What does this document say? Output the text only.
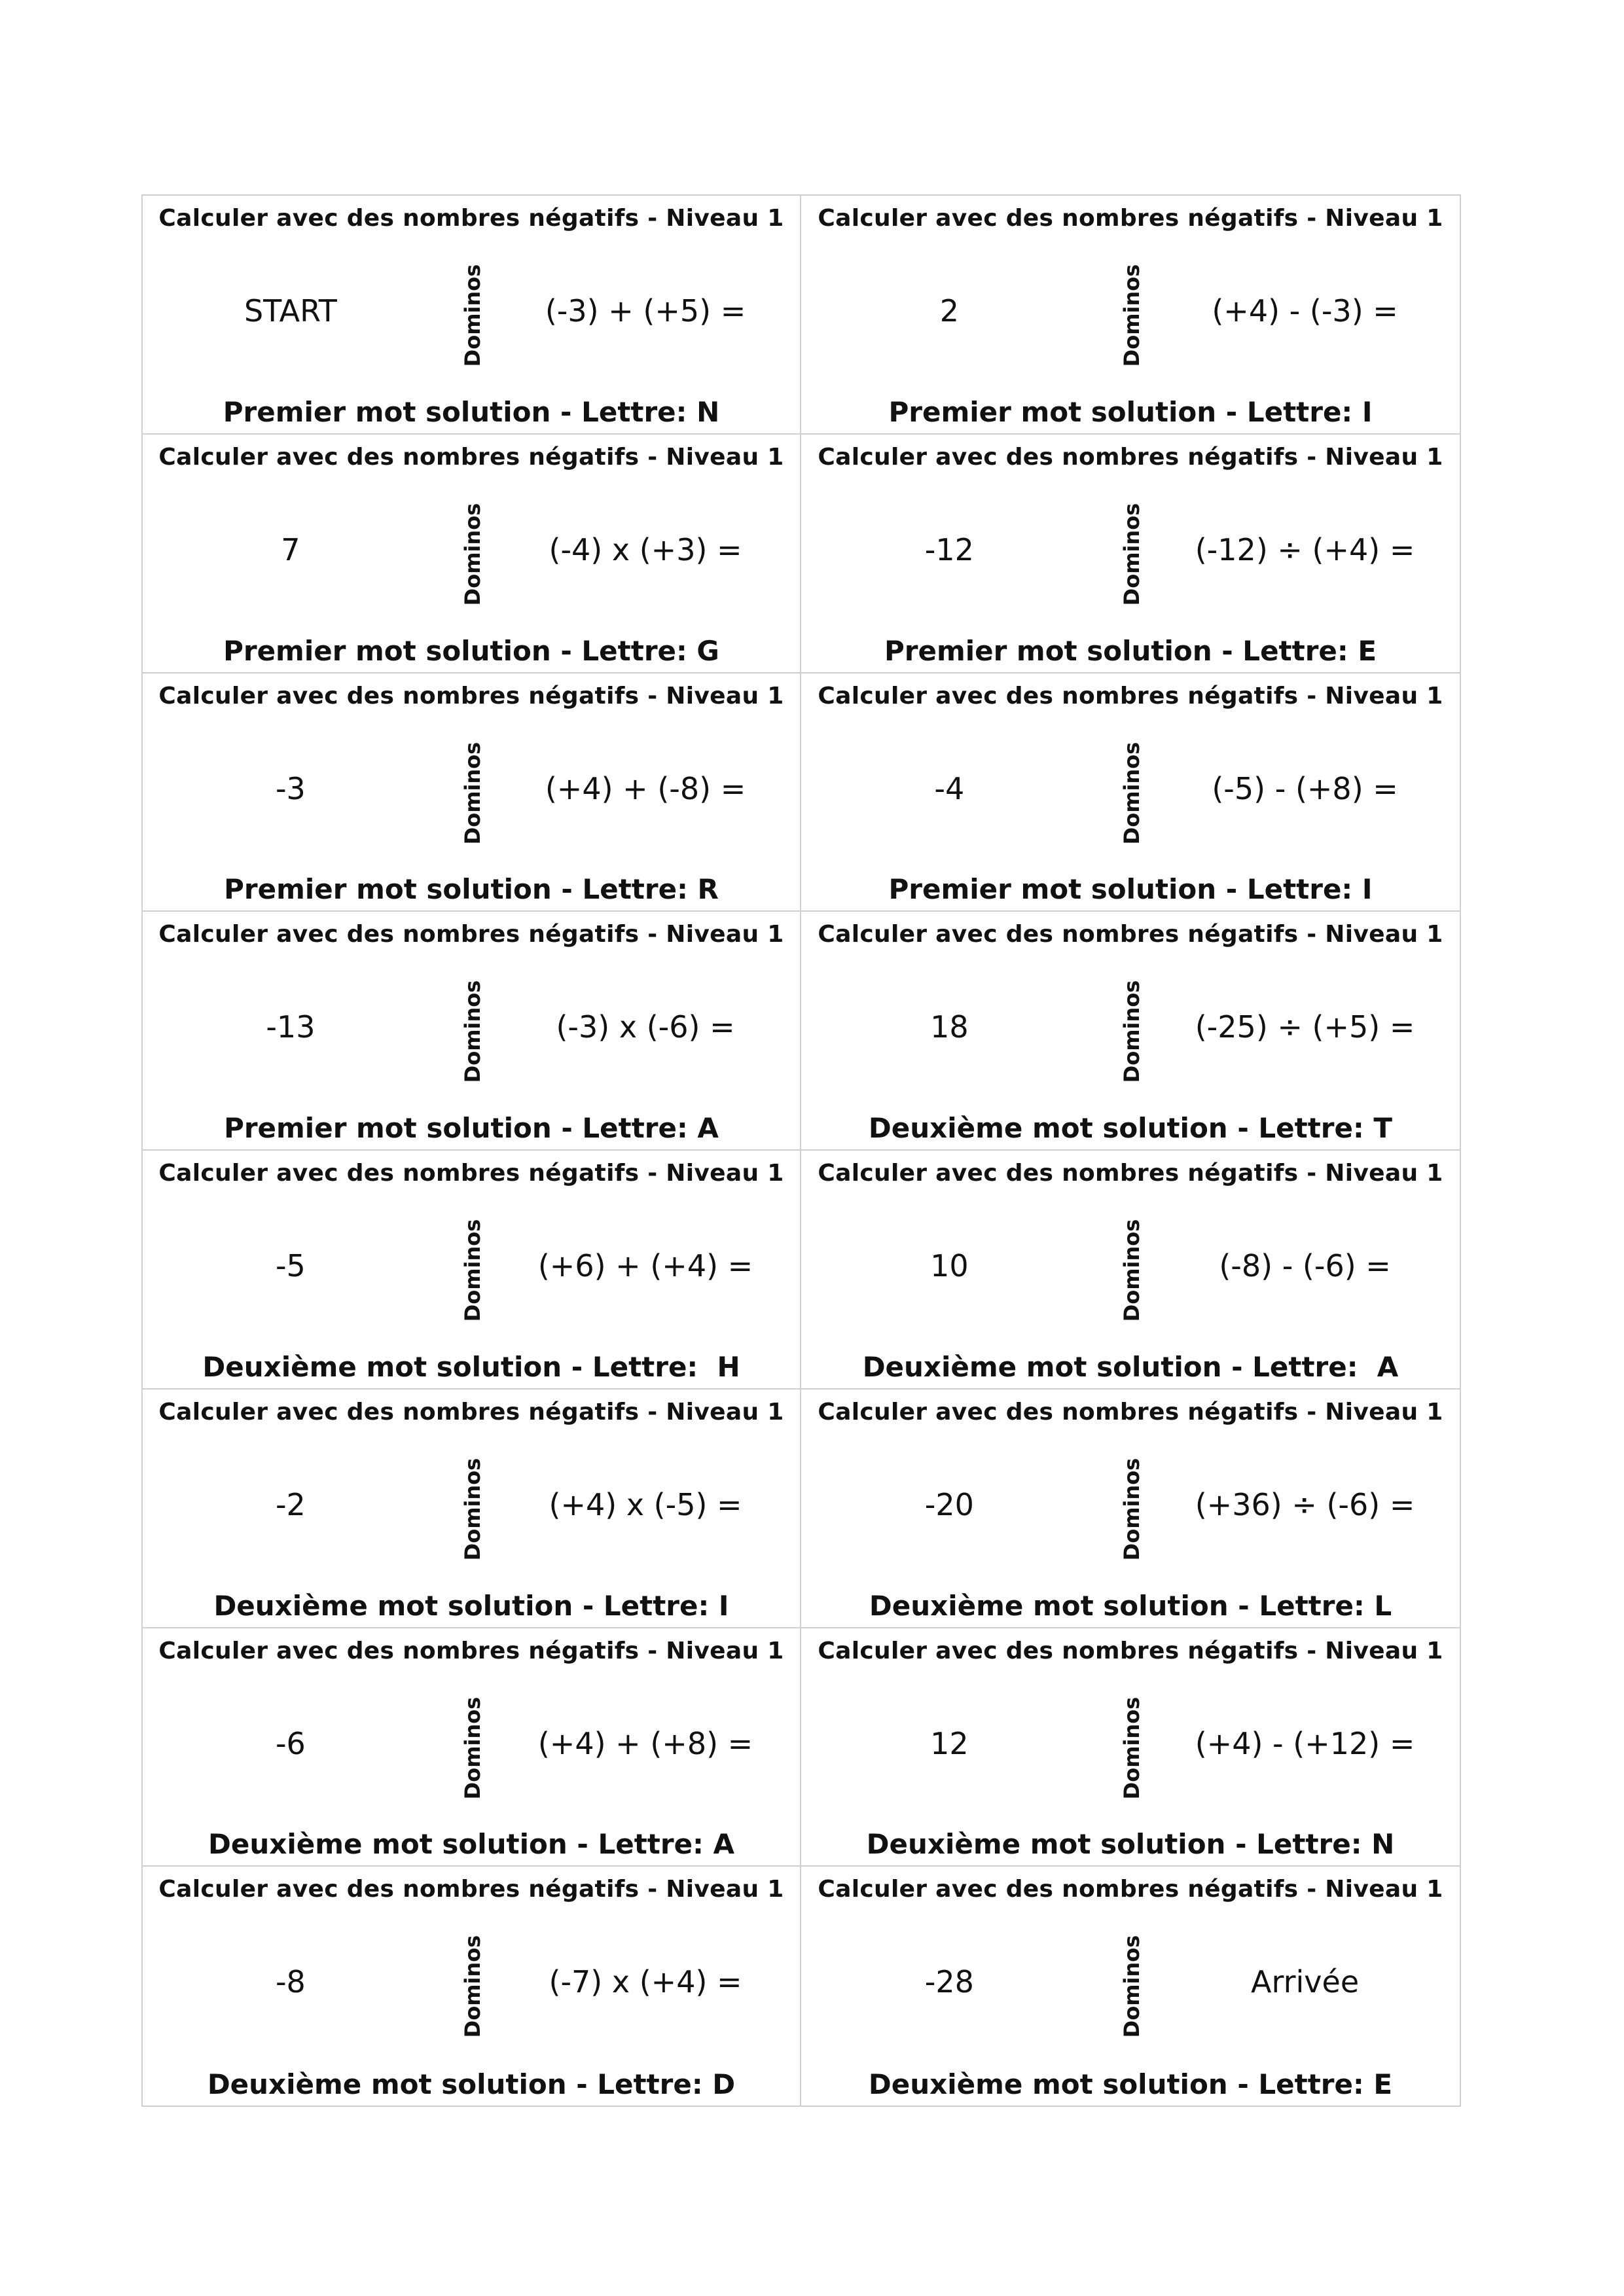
Calculer avec des nombres négatifs - Niveau 1
START	Dominos	(-3) + (+5) =
Premier mot solution - Lettre: N
Calculer avec des nombres négatifs - Niveau 1
2	Dominos	(+4) - (-3) =
Premier mot solution - Lettre: I
Calculer avec des nombres négatifs - Niveau 1
7	Dominos	(-4) x (+3) =
Premier mot solution - Lettre: G
Calculer avec des nombres négatifs - Niveau 1
-12	Dominos	(-12) ÷ (+4) =
Premier mot solution - Lettre: E
Calculer avec des nombres négatifs - Niveau 1
-3	Dominos	(+4) + (-8) =
Premier mot solution - Lettre: R
Calculer avec des nombres négatifs - Niveau 1
-4	Dominos	(-5) - (+8) =
Premier mot solution - Lettre: I
Calculer avec des nombres négatifs - Niveau 1
-13	Dominos	(-3) x (-6) =
Premier mot solution - Lettre: A
Calculer avec des nombres négatifs - Niveau 1
18	Dominos	(-25) ÷ (+5) =
Deuxième mot solution - Lettre: T
Calculer avec des nombres négatifs - Niveau 1
-5	Dominos	(+6) + (+4) =
Deuxième mot solution - Lettre:  H
Calculer avec des nombres négatifs - Niveau 1
10	Dominos	(-8) - (-6) =
Deuxième mot solution - Lettre:  A
Calculer avec des nombres négatifs - Niveau 1
-2	Dominos	(+4) x (-5) =
Deuxième mot solution - Lettre: I
Calculer avec des nombres négatifs - Niveau 1
-20	Dominos	(+36) ÷ (-6) =
Deuxième mot solution - Lettre: L
Calculer avec des nombres négatifs - Niveau 1
-6	Dominos	(+4) + (+8) =
Deuxième mot solution - Lettre: A
Calculer avec des nombres négatifs - Niveau 1
12	Dominos	(+4) - (+12) =
Deuxième mot solution - Lettre: N
Calculer avec des nombres négatifs - Niveau 1
-8	Dominos	(-7) x (+4) =
Deuxième mot solution - Lettre: D
Calculer avec des nombres négatifs - Niveau 1
-28	Dominos	Arrivée
Deuxième mot solution - Lettre: E
